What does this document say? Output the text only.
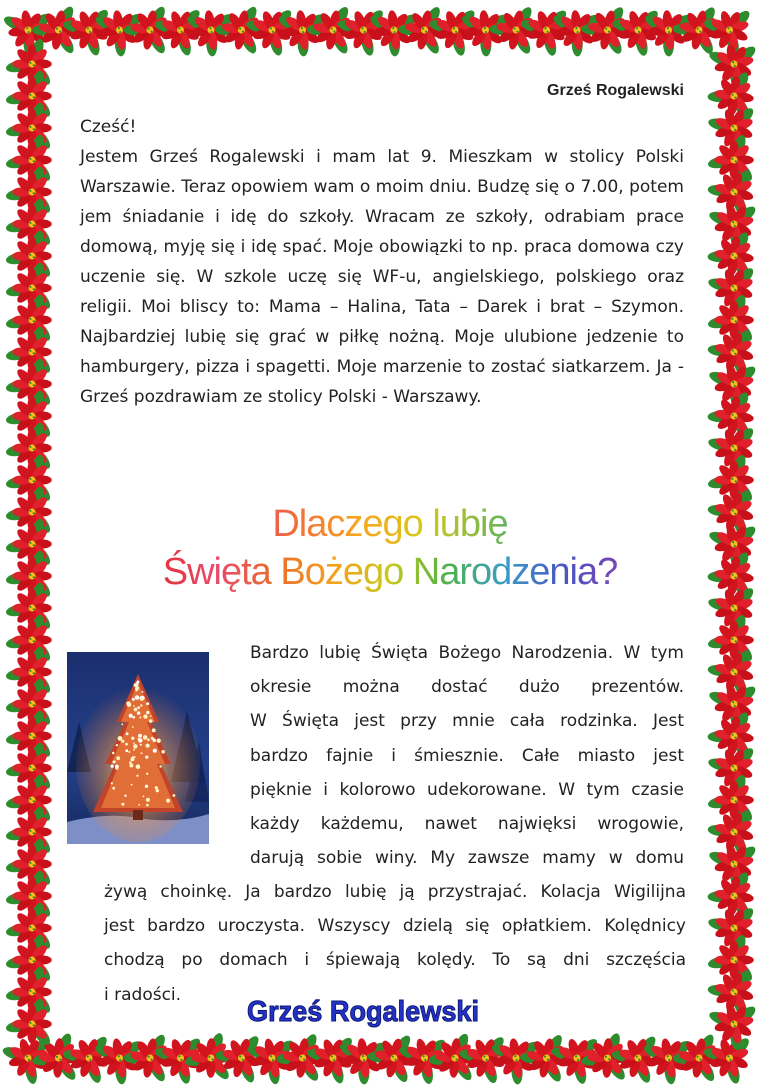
Grześ Rogalewski

Cześć!

Jestem Grześ Rogalewski i mam lat 9. Mieszkam w stolicy Polski Warszawie. Teraz opowiem wam o moim dniu. Budzę się o 7.00, potem jem śniadanie i idę do szkoły. Wracam ze szkoły, odrabiam prace domową, myję się i idę spać. Moje obowiązki to np. praca domowa czy uczenie się. W szkole uczę się WF-u, angielskiego, polskiego oraz religii. Moi bliscy to: Mama – Halina, Tata – Darek i brat – Szymon. Najbardziej lubię się grać w piłkę nożną. Moje ulubione jedzenie to hamburgery, pizza i spagetti. Moje marzenie to zostać siatkarzem. Ja - Grześ pozdrawiam ze stolicy Polski - Warszawy.

Dlaczego lubię
Święta Bożego Narodzenia?
Bardzo lubię Święta Bożego Narodzenia. W tym
okresie można dostać dużo prezentów.
W Święta jest przy mnie cała rodzinka. Jest
bardzo fajnie i śmiesznie. Całe miasto jest
pięknie i kolorowo udekorowane. W tym czasie
każdy każdemu, nawet najwięksi wrogowie,
darują sobie winy. My zawsze mamy w domu
żywą choinkę. Ja bardzo lubię ją przystrajać. Kolacja Wigilijna
jest bardzo uroczysta. Wszyscy dzielą się opłatkiem. Kolędnicy
chodzą po domach i śpiewają kolędy. To są dni szczęścia
i radości.
Grześ Rogalewski
